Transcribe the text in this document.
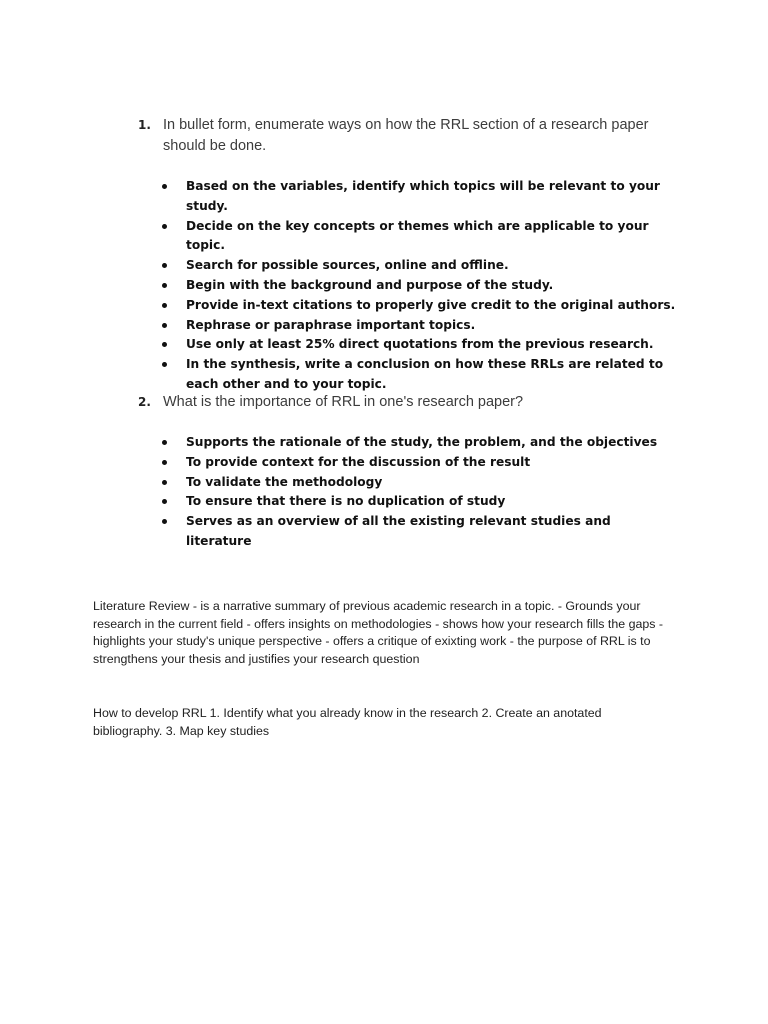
1. In bullet form, enumerate ways on how the RRL section of a research paper should be done.
Based on the variables, identify which topics will be relevant to your study.
Decide on the key concepts or themes which are applicable to your topic.
Search for possible sources, online and offline.
Begin with the background and purpose of the study.
Provide in-text citations to properly give credit to the original authors.
Rephrase or paraphrase important topics.
Use only at least 25% direct quotations from the previous research.
In the synthesis, write a conclusion on how these RRLs are related to each other and to your topic.
2. What is the importance of RRL in one's research paper?
Supports the rationale of the study, the problem, and the objectives
To provide context for the discussion of the result
To validate the methodology
To ensure that there is no duplication of study
Serves as an overview of all the existing relevant studies and literature

Literature Review - is a narrative summary of previous academic research in a topic. - Grounds your research in the current field - offers insights on methodologies - shows how your research fills the gaps -highlights your study's unique perspective - offers a critique of exixting work - the purpose of RRL is to strengthens your thesis and justifies your research question

How to develop RRL 1. Identify what you already know in the research 2. Create an anotated bibliography. 3. Map key studies
